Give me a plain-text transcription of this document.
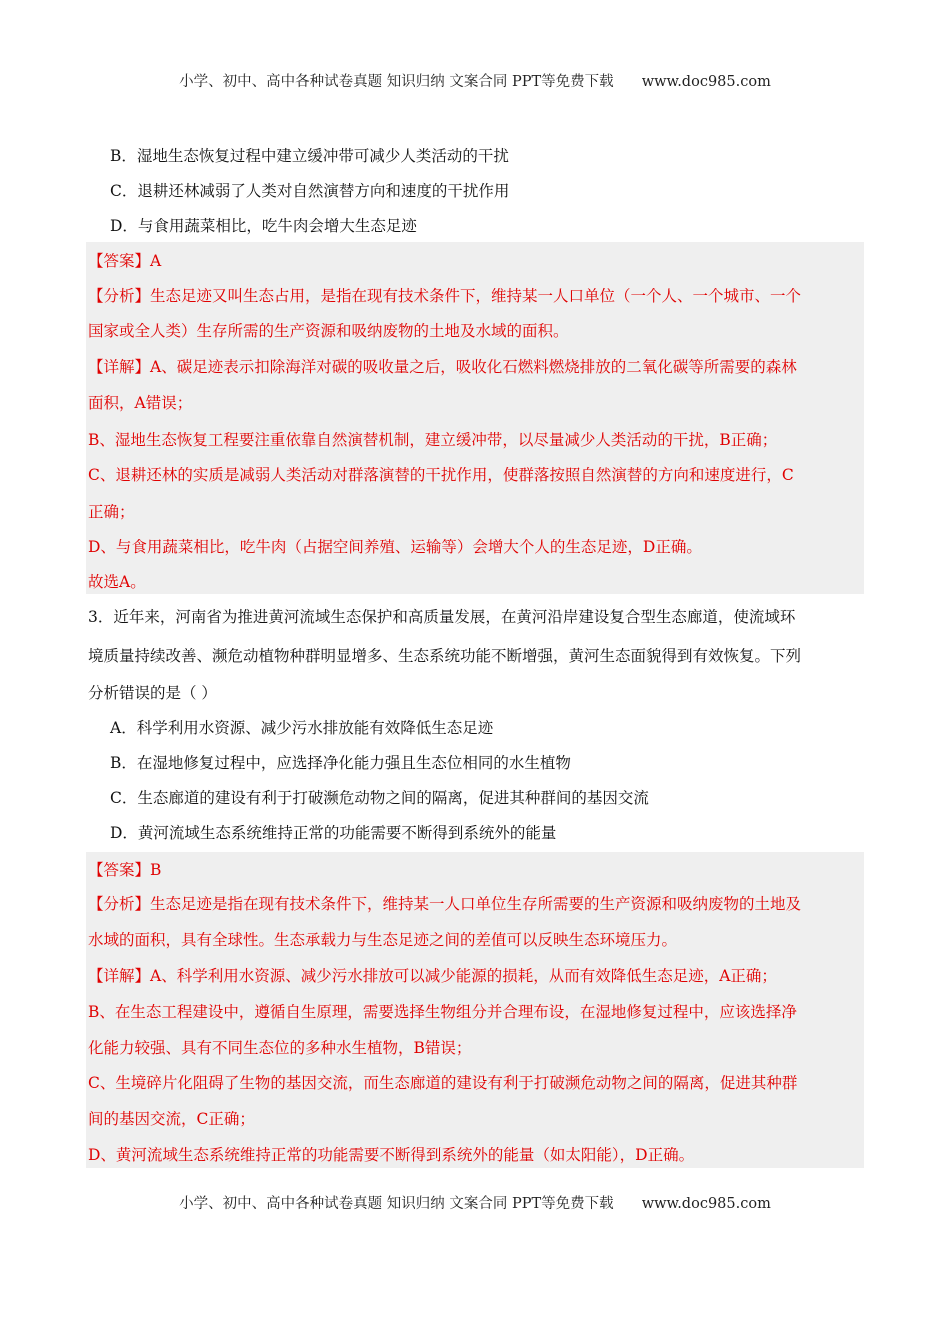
小学、初中、高中各种试卷真题 知识归纳 文案合同 PPT等免费下载 www.doc985.com
B．湿地生态恢复过程中建立缓冲带可减少人类活动的干扰
C．退耕还林减弱了人类对自然演替方向和速度的干扰作用
D．与食用蔬菜相比，吃牛肉会增大生态足迹
【答案】A
【分析】生态足迹又叫生态占用，是指在现有技术条件下，维持某一人口单位（一个人、一个城市、一个
国家或全人类）生存所需的生产资源和吸纳废物的土地及水域的面积。
【详解】A、碳足迹表示扣除海洋对碳的吸收量之后，吸收化石燃料燃烧排放的二氧化碳等所需要的森林
面积，A错误；
B、湿地生态恢复工程要注重依靠自然演替机制，建立缓冲带，以尽量减少人类活动的干扰，B正确；
C、退耕还林的实质是减弱人类活动对群落演替的干扰作用，使群落按照自然演替的方向和速度进行，C
正确；
D、与食用蔬菜相比，吃牛肉（占据空间养殖、运输等）会增大个人的生态足迹，D正确。
故选A。
3．近年来，河南省为推进黄河流域生态保护和高质量发展，在黄河沿岸建设复合型生态廊道，使流域环
境质量持续改善、濒危动植物种群明显增多、生态系统功能不断增强，黄河生态面貌得到有效恢复。下列
分析错误的是（ ）
A．科学利用水资源、减少污水排放能有效降低生态足迹
B．在湿地修复过程中，应选择净化能力强且生态位相同的水生植物
C．生态廊道的建设有利于打破濒危动物之间的隔离，促进其种群间的基因交流
D．黄河流域生态系统维持正常的功能需要不断得到系统外的能量
【答案】B
【分析】生态足迹是指在现有技术条件下，维持某一人口单位生存所需要的生产资源和吸纳废物的土地及
水域的面积，具有全球性。生态承载力与生态足迹之间的差值可以反映生态环境压力。
【详解】A、科学利用水资源、减少污水排放可以减少能源的损耗，从而有效降低生态足迹，A正确；
B、在生态工程建设中，遵循自生原理，需要选择生物组分并合理布设，在湿地修复过程中，应该选择净
化能力较强、具有不同生态位的多种水生植物，B错误；
C、生境碎片化阻碍了生物的基因交流，而生态廊道的建设有利于打破濒危动物之间的隔离，促进其种群
间的基因交流，C正确；
D、黄河流域生态系统维持正常的功能需要不断得到系统外的能量（如太阳能），D正确。
小学、初中、高中各种试卷真题 知识归纳 文案合同 PPT等免费下载 www.doc985.com
